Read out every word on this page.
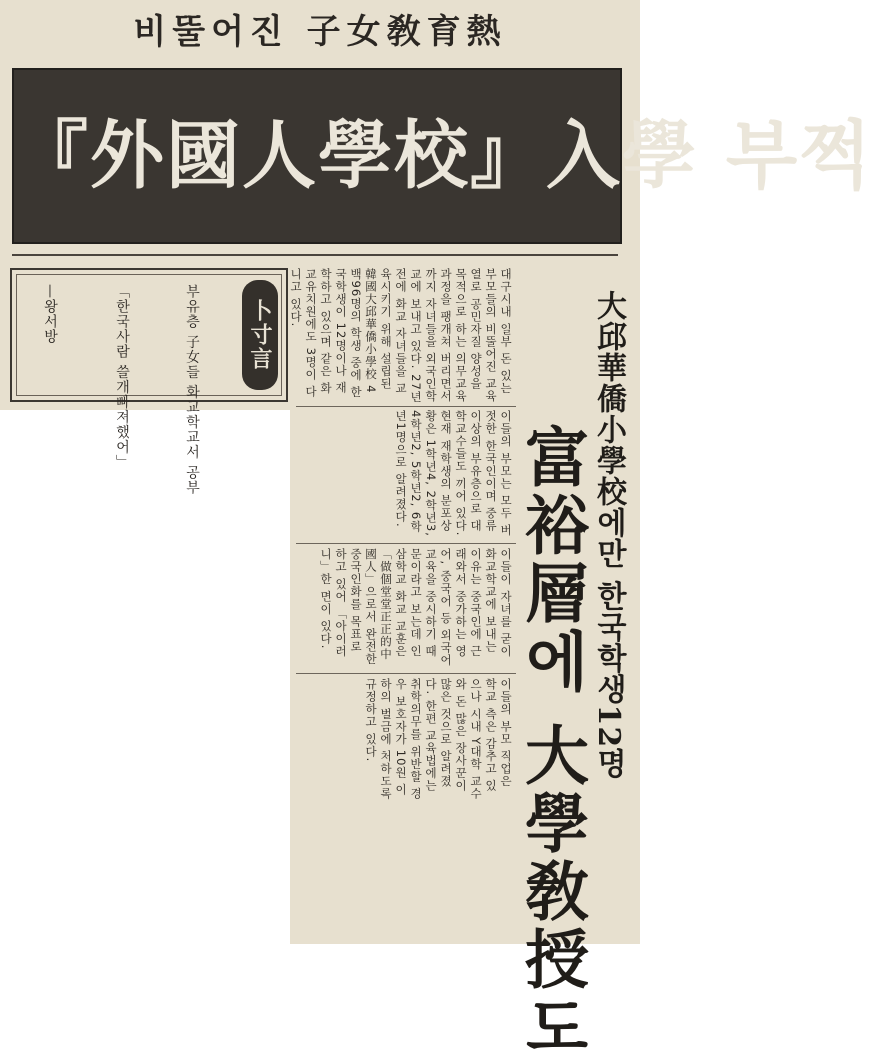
비뚤어진 子女敎育熱
『外國人學校』入學 부쩍
卜寸言
부유층 子女들 화교학교서 공부
「한국사람 쓸개빠져했어」
—왕서방	대구시내 일부 돈 있는 부모들의 비뚤어진 교육열로 공민자질 양성을 목적으로 하는 의무교육과정을 팽개쳐 버리면서까지 자녀들을 외국인학교에 보내고 있다. 27년 전에 화교 자녀들을 교육시키기 위해 설립된 韓國大邱華僑小學校 4백96명의 학생 중에 한국학생이 12명이나 재학하고 있으며 같은 화교유치원에도 3명이 다니고 있다.
이들의 부모는 모두 버젓한 한국인이며 중류 이상의 부유층으로 대학교수들도 끼어 있다. 현재 재학생의 분포상황은 1학년4, 2학년3, 4학년2, 5학년2, 6학년1명으로 알려졌다.
이들이 자녀를 굳이 화교학교에 보내는 이유는 중국인에 근래와서 중가하는 영어, 중국어 등 외국어 교육을 중시하기 때문이라고 보는데 인삼학교 화교 교훈은 「做個堂堂正正的中國人」으로서 완전한 중국인화를 목표로 하고 있어 「아이러니」한 면이 있다.
이들의 부모 직업은 학교 측은 감추고 있으나 시내 Y대학 교수와 돈 많은 장사꾼이 많은 것으로 알려졌다. 한편 교육법에는 취학의무를 위반할 경우 보호자가 10원 이하의 벌금에 처하도록 규정하고 있다.	大邱華僑小學校에만 한국학생12명
富裕層에 大學敎授도
